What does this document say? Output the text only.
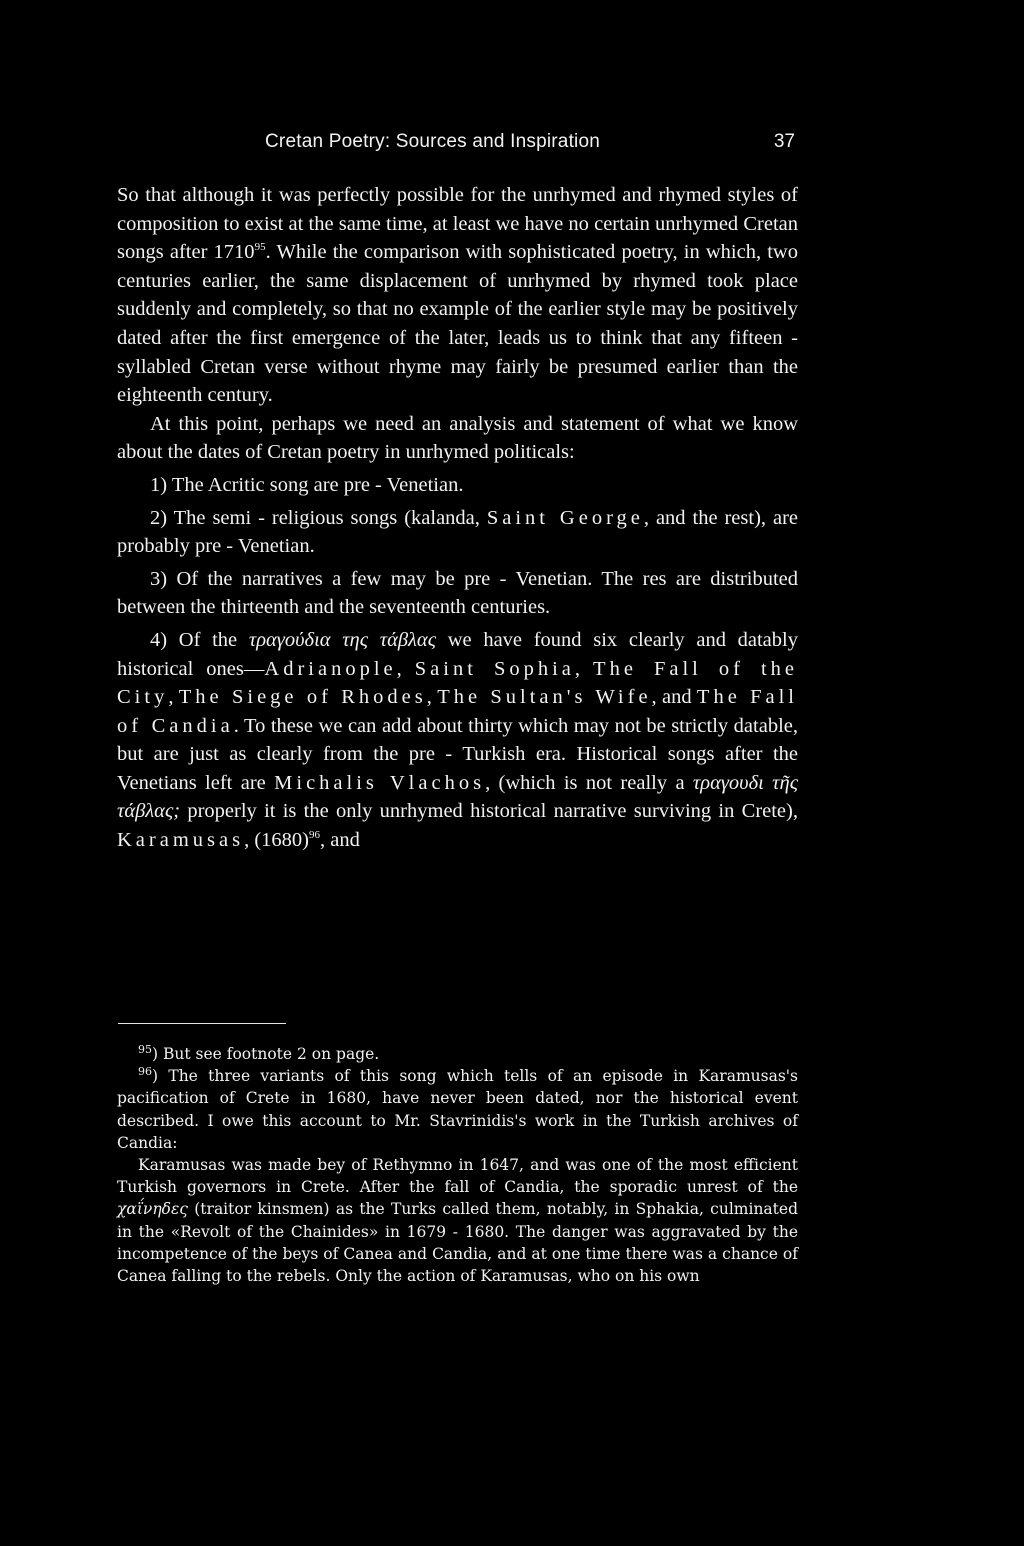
Cretan Poetry: Sources and Inspiration	37

So that although it was perfectly possible for the unrhymed and rhymed styles of composition to exist at the same time, at least we have no certain unrhymed Cretan songs after 1710$^{95}$. While the comparison with sophisticated poetry, in which, two centuries earlier, the same displacement of unrhymed by rhymed took place suddenly and completely, so that no example of the earlier style may be positively dated after the first emergence of the later, leads us to think that any fifteen - syllabled Cretan verse without rhyme may fairly be presumed earlier than the eighteenth century.

At this point, perhaps we need an analysis and statement of what we know about the dates of Cretan poetry in unrhymed politicals:

1) The Acritic song are pre - Venetian.

2) The semi - religious songs (kalanda, Saint George, and the rest), are probably pre - Venetian.

3) Of the narratives a few may be pre - Venetian. The res are distributed between the thirteenth and the seventeenth centuries.

4) Of the τραγούδια της τάβλας we have found six clearly and datably historical ones—Adrianople, Saint Sophia, The Fall of the City, The Siege of Rhodes, The Sultan's Wife, and The Fall of Candia. To these we can add about thirty which may not be strictly datable, but are just as clearly from the pre - Turkish era. Historical songs after the Venetians left are Michalis Vlachos, (which is not really a τραγουδι τῆς τάβλας; properly it is the only unrhymed historical narrative surviving in Crete), Karamusas, $(1680)^{96}$, and

$^{95}$) But see footnote 2 on page.

$^{96}$) The three variants of this song which tells of an episode in Karamusas's pacification of Crete in 1680, have never been dated, nor the historical event described. I owe this account to Mr. Stavrinidis's work in the Turkish archives of Candia:

Karamusas was made bey of Rethymno in 1647, and was one of the most efficient Turkish governors in Crete. After the fall of Candia, the sporadic unrest of the χαΐνηδες (traitor kinsmen) as the Turks called them, notably, in Sphakia, culminated in the «Revolt of the Chainides» in 1679 - 1680. The danger was aggravated by the incompetence of the beys of Canea and Candia, and at one time there was a chance of Canea falling to the rebels. Only the action of Karamusas, who on his own
